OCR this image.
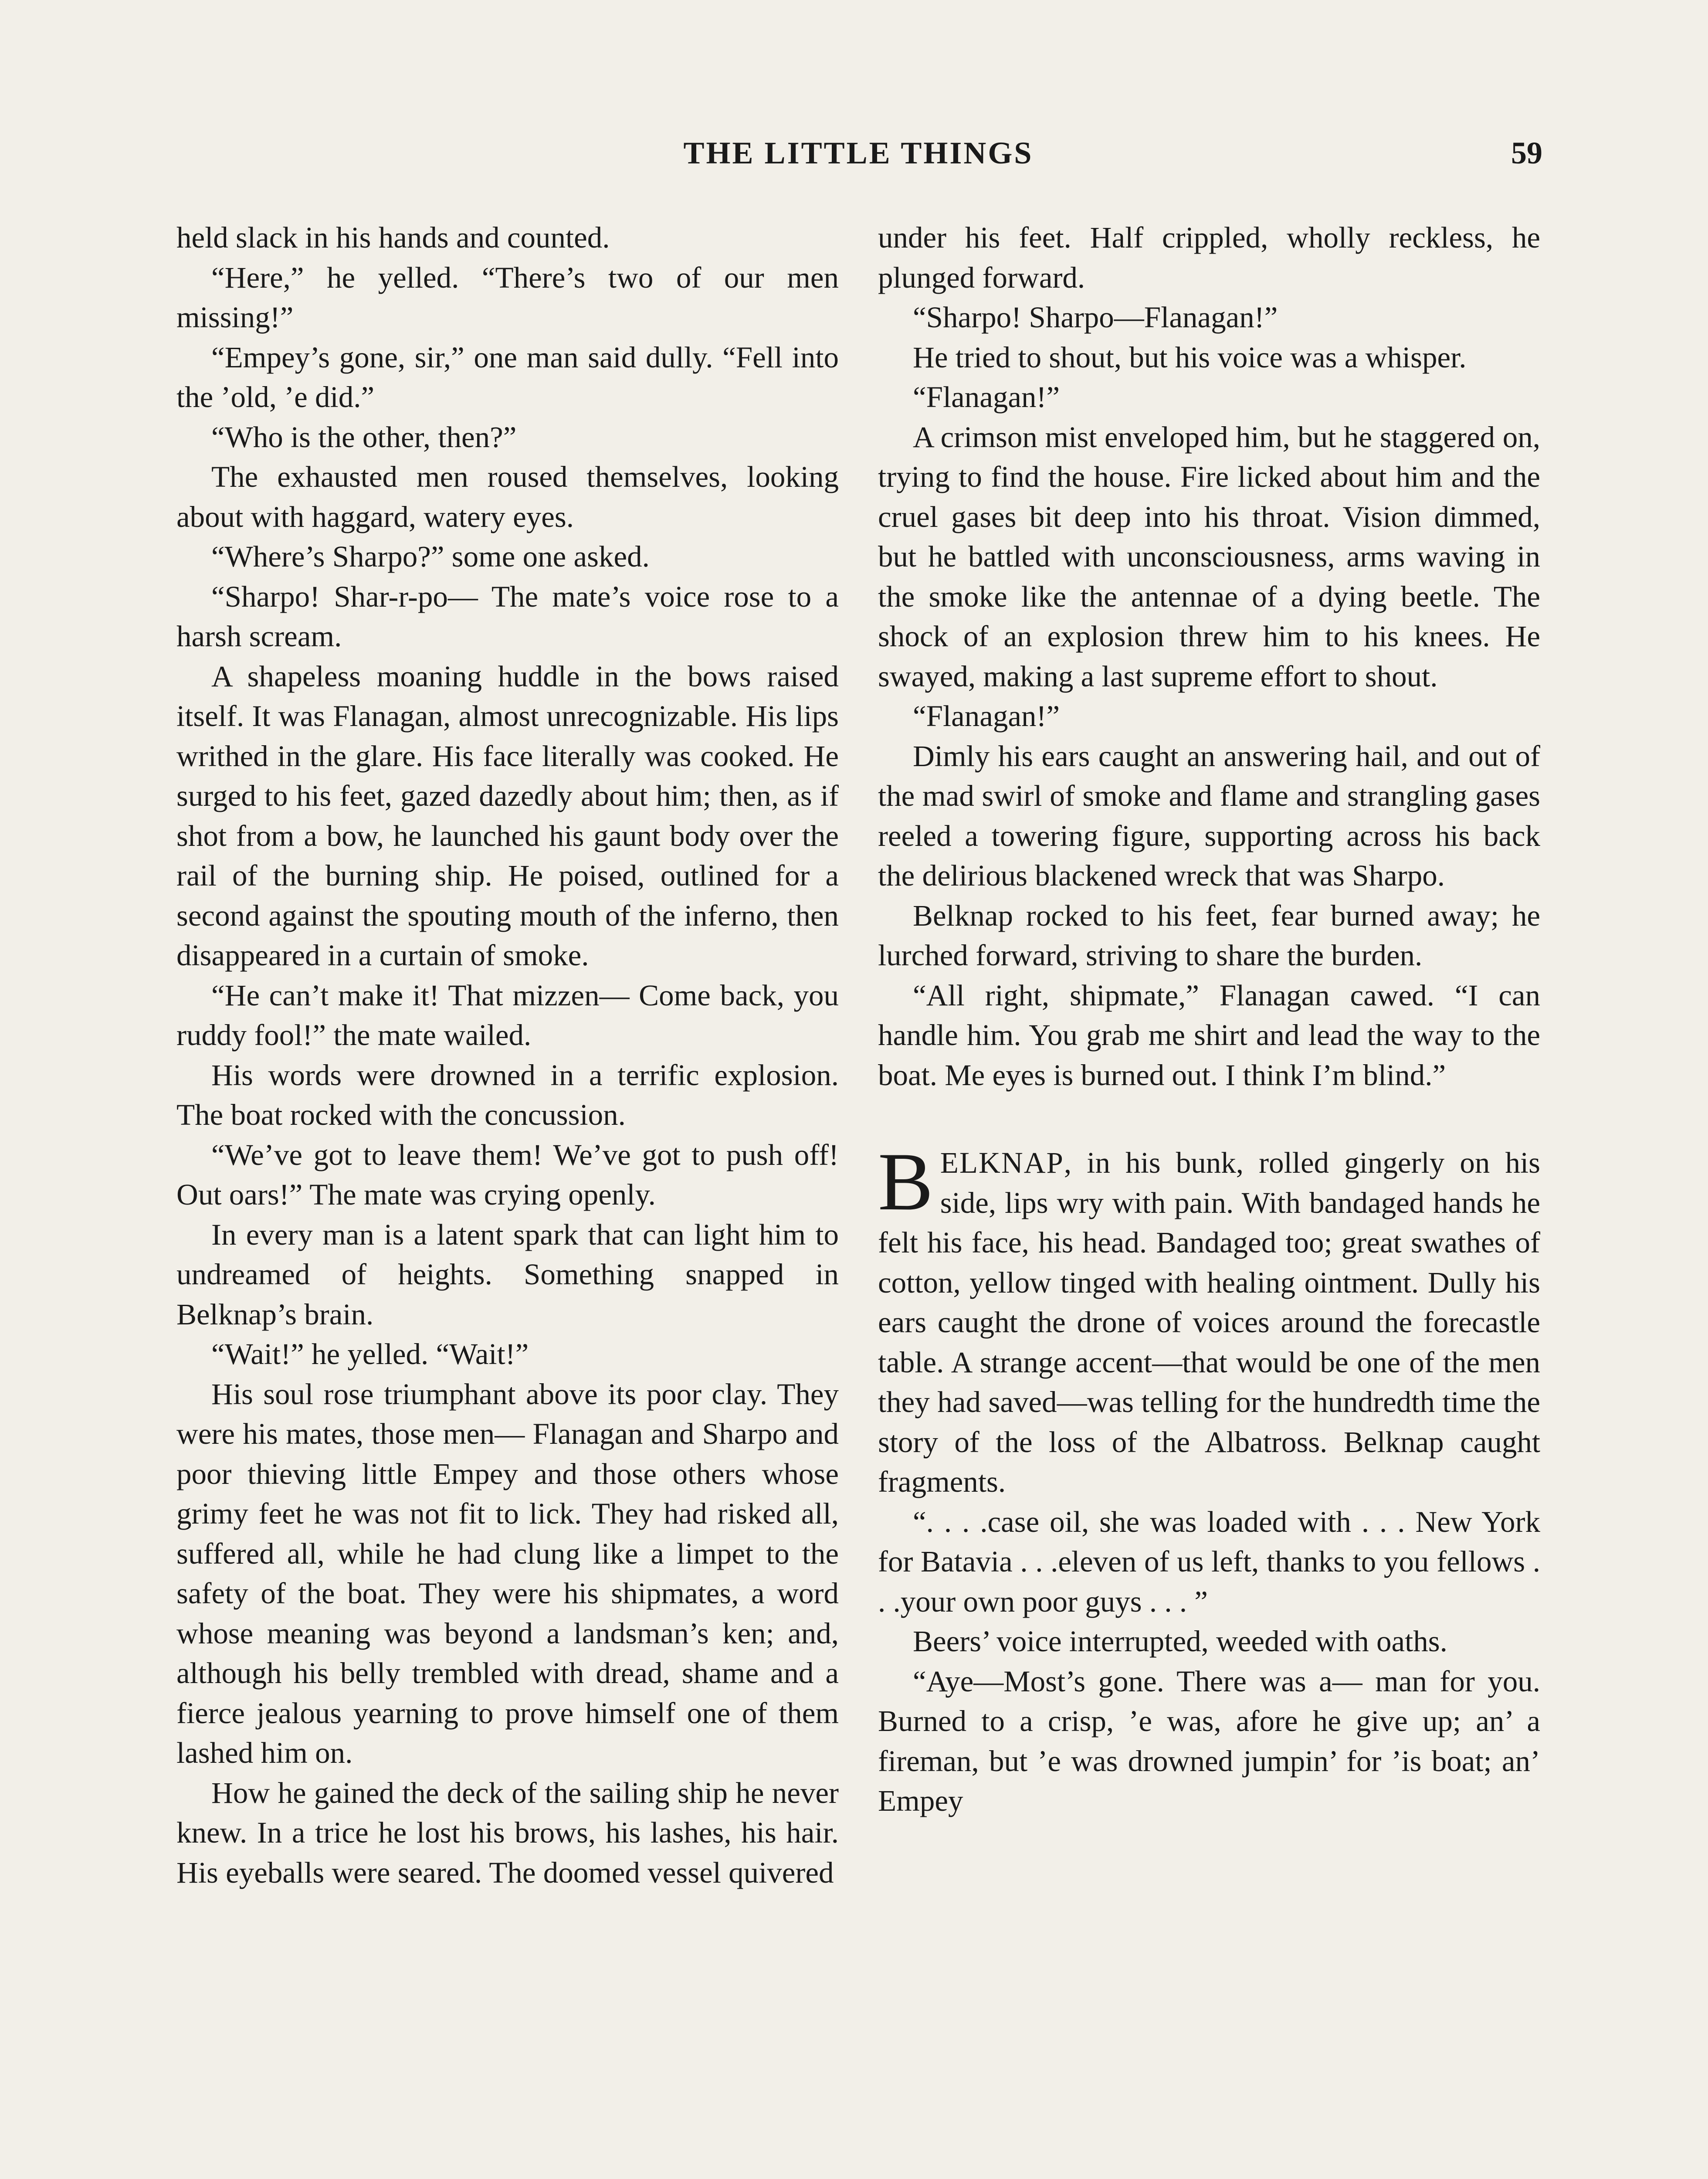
THE LITTLE THINGS	59

held slack in his hands and counted.

“Here,” he yelled. “There’s two of our men missing!”

“Empey’s gone, sir,” one man said dully. “Fell into the ’old, ’e did.”

“Who is the other, then?”

The exhausted men roused themselves, looking about with haggard, watery eyes.

“Where’s Sharpo?” some one asked.

“Sharpo! Shar-r-po— The mate’s voice rose to a harsh scream.

A shapeless moaning huddle in the bows raised itself. It was Flanagan, almost unrecognizable. His lips writhed in the glare. His face literally was cooked. He surged to his feet, gazed dazedly about him; then, as if shot from a bow, he launched his gaunt body over the rail of the burning ship. He poised, outlined for a second against the spouting mouth of the inferno, then disappeared in a curtain of smoke.

“He can’t make it! That mizzen— Come back, you ruddy fool!” the mate wailed.

His words were drowned in a terrific explosion. The boat rocked with the concussion.

“We’ve got to leave them! We’ve got to push off! Out oars!” The mate was crying openly.

In every man is a latent spark that can light him to undreamed of heights. Something snapped in Belknap’s brain.

“Wait!” he yelled. “Wait!”

His soul rose triumphant above its poor clay. They were his mates, those men— Flanagan and Sharpo and poor thieving little Empey and those others whose grimy feet he was not fit to lick. They had risked all, suffered all, while he had clung like a limpet to the safety of the boat. They were his shipmates, a word whose meaning was beyond a landsman’s ken; and, although his belly trembled with dread, shame and a fierce jealous yearning to prove himself one of them lashed him on.

How he gained the deck of the sailing ship he never knew. In a trice he lost his brows, his lashes, his hair. His eyeballs were seared. The doomed vessel quivered

under his feet. Half crippled, wholly reckless, he plunged forward.

“Sharpo! Sharpo—Flanagan!”

He tried to shout, but his voice was a whisper.

“Flanagan!”

A crimson mist enveloped him, but he staggered on, trying to find the house. Fire licked about him and the cruel gases bit deep into his throat. Vision dimmed, but he battled with unconsciousness, arms waving in the smoke like the antennae of a dying beetle. The shock of an explosion threw him to his knees. He swayed, making a last supreme effort to shout.

“Flanagan!”

Dimly his ears caught an answering hail, and out of the mad swirl of smoke and flame and strangling gases reeled a towering figure, supporting across his back the delirious blackened wreck that was Sharpo.

Belknap rocked to his feet, fear burned away; he lurched forward, striving to share the burden.

“All right, shipmate,” Flanagan cawed. “I can handle him. You grab me shirt and lead the way to the boat. Me eyes is burned out. I think I’m blind.”

BELKNAP, in his bunk, rolled gingerly on his side, lips wry with pain. With bandaged hands he felt his face, his head. Bandaged too; great swathes of cotton, yellow tinged with healing ointment. Dully his ears caught the drone of voices around the forecastle table. A strange accent—that would be one of the men they had saved—was telling for the hundredth time the story of the loss of the Albatross. Belknap caught fragments.

“. . . .case oil, she was loaded with . . . New York for Batavia . . .eleven of us left, thanks to you fellows . . .your own poor guys . . . ”

Beers’ voice interrupted, weeded with oaths.

“Aye—Most’s gone. There was a— man for you. Burned to a crisp, ’e was, afore he give up; an’ a fireman, but ’e was drowned jumpin’ for ’is boat; an’ Empey
